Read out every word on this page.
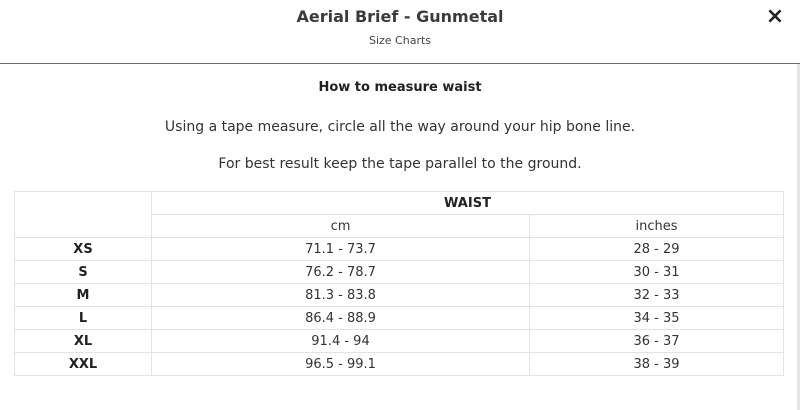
Aerial Brief - Gunmetal
Size Charts
×
How to measure waist
Using a tape measure, circle all the way around your hip bone line.
For best result keep the tape parallel to the ground.
	WAIST	
	cm	inches
XS	71.1 - 73.7	28 - 29
S	76.2 - 78.7	30 - 31
M	81.3 - 83.8	32 - 33
L	86.4 - 88.9	34 - 35
XL	91.4 - 94	36 - 37
XXL	96.5 - 99.1	38 - 39
